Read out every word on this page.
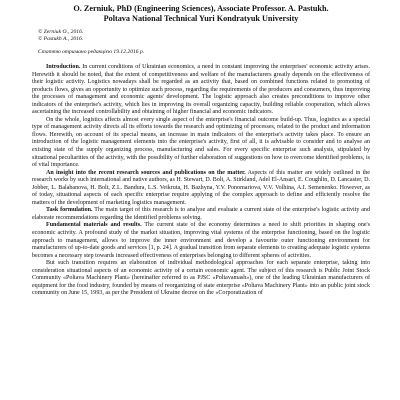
O. Zerniuk, PhD (Engineering Sciences), Associate Professor. A. Pastukh.

Poltava National Technical Yuri Kondratyuk University

© Zerniuk O., 2016.

© Pastukh A., 2016.

Статтю отримано редакцією 19.12.2016 р.

Introduction. In current conditions of Ukrainian economics, a need in constant improving the enterprises' economic activity arises. Herewith it should be noted, that the extent of competitiveness and welfare of the manufacturers greatly depends on the effectiveness of their logistic activity. Logistics nowadays shall be regarded as an activity that, based on combined functions related to promoting of products flows, gives an opportunity to optimize such process, regarding the requirements of the producers and consumers, thus improving the processes of management and economic agents' development. The logistic approach also creates preconditions to improve other indicators of the enterprise's activity, which lies in improving its overall organizing capacity, building reliable cooperation, which allows ascertaining the increased controllability and obtaining of higher financial and economic indicators.

On the whole, logistics affects almost every single aspect of the enterprise's financial outcome build-up. Thus, logistics as a special type of management activity directs all its efforts towards the research and optimizing of processes, related to the product and information flows. Herewith, on account of its special means, an increase in main indicators of the enterprise's activity takes place. To ensure an introduction of the logistic management elements into the enterprise's activity, first of all, it is advisable to consider and to analyse an existing state of the supply organizing process, manufacturing and sales. For every specific enterprise such analysis, stipulated by situational peculiarities of the activity, with the possibility of further elaboration of suggestions on how to overcome identified problems, is of vital importance.

An insight into the recent research sources and publications on the matter. Aspects of this matter are widely outlined in the research works by such international and native authors, as H. Stewart, D. Bolt, A. Stirkland, Adel El-Ansari, E. Coughlin, D. Lancaster, D. Jobber, L. Balabanova, H. Bolt, Z.L. Bandura, L.S. Veikruta, H. Bazhyna, Y.V. Ponomariova, V.V. Volhina, A.I. Semenenko. However, as of today, situational aspects of each specific enterprise require applying of the complex approach to define and efficiently resolve the matters of the development of marketing logistics management.

Task formulation. The main target of this research is to analyse and evaluate a current state of the enterprise's logistic activity and elaborate recommendations regarding the identified problems solving.

Fundamental materials and results. The current state of the economy determines a need to shift priorities in shaping one's economic activity. A profound study of the market situation, improving vital systems of the enterprise functioning, based on the logistic approach to management, allows to improve the inner environment and develop a favourite outer functioning environment for manufacturers of up-to-date goods and services [1, p. 24]. A gradual transition from separate elements to creating adequate logistic systems becomes a necessary step towards increased effectiveness of enterprises belonging to different spheres of activities.

But such transition requires an elaboration of individual methodological approaches for each separate enterprise, taking into consideration situational aspects of an economic activity of a certain economic agent. The subject of this research is Public Joint Stock Community «Poltava Machinery Plant» (hereinafter referred to as PJSC «Poltavamash»), one of the leading Ukrainian manufacturers of equipment for the food industry, founded by means of reorganizing of state enterprise «Poltava Machinery Plant» into an public joint stock community on June 15, 1993, as per the President of Ukraine decree on the «Corporatization of
